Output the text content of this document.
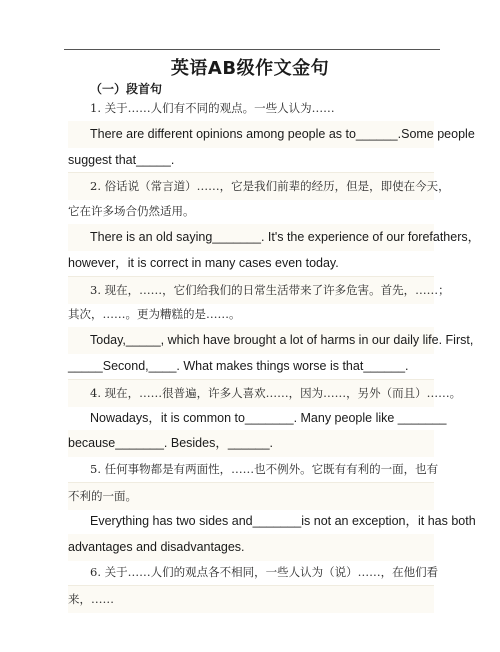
英语AB级作文金句
（一）段首句
1. 关于……人们有不同的观点。一些人认为……
There are different opinions among people as to______.Some people
suggest that_____.
2. 俗话说（常言道）……，它是我们前辈的经历，但是，即使在今天，
它在许多场合仍然适用。
There is an old saying_______. It's the experience of our forefathers，
however，it is correct in many cases even today.
3. 现在，……，它们给我们的日常生活带来了许多危害。首先，……；
其次，……。更为糟糕的是……。
Today,_____, which have brought a lot of harms in our daily life. First,
_____Second,____. What makes things worse is that______.
4. 现在，……很普遍，许多人喜欢……，因为……，另外（而且）……。
Nowadays，it is common to_______. Many people like _______
because_______. Besides，______.
5. 任何事物都是有两面性，……也不例外。它既有有利的一面，也有
不利的一面。
Everything has two sides and_______is not an exception，it has both
advantages and disadvantages.
6. 关于……人们的观点各不相同，一些人认为（说）……，在他们看
来，……
